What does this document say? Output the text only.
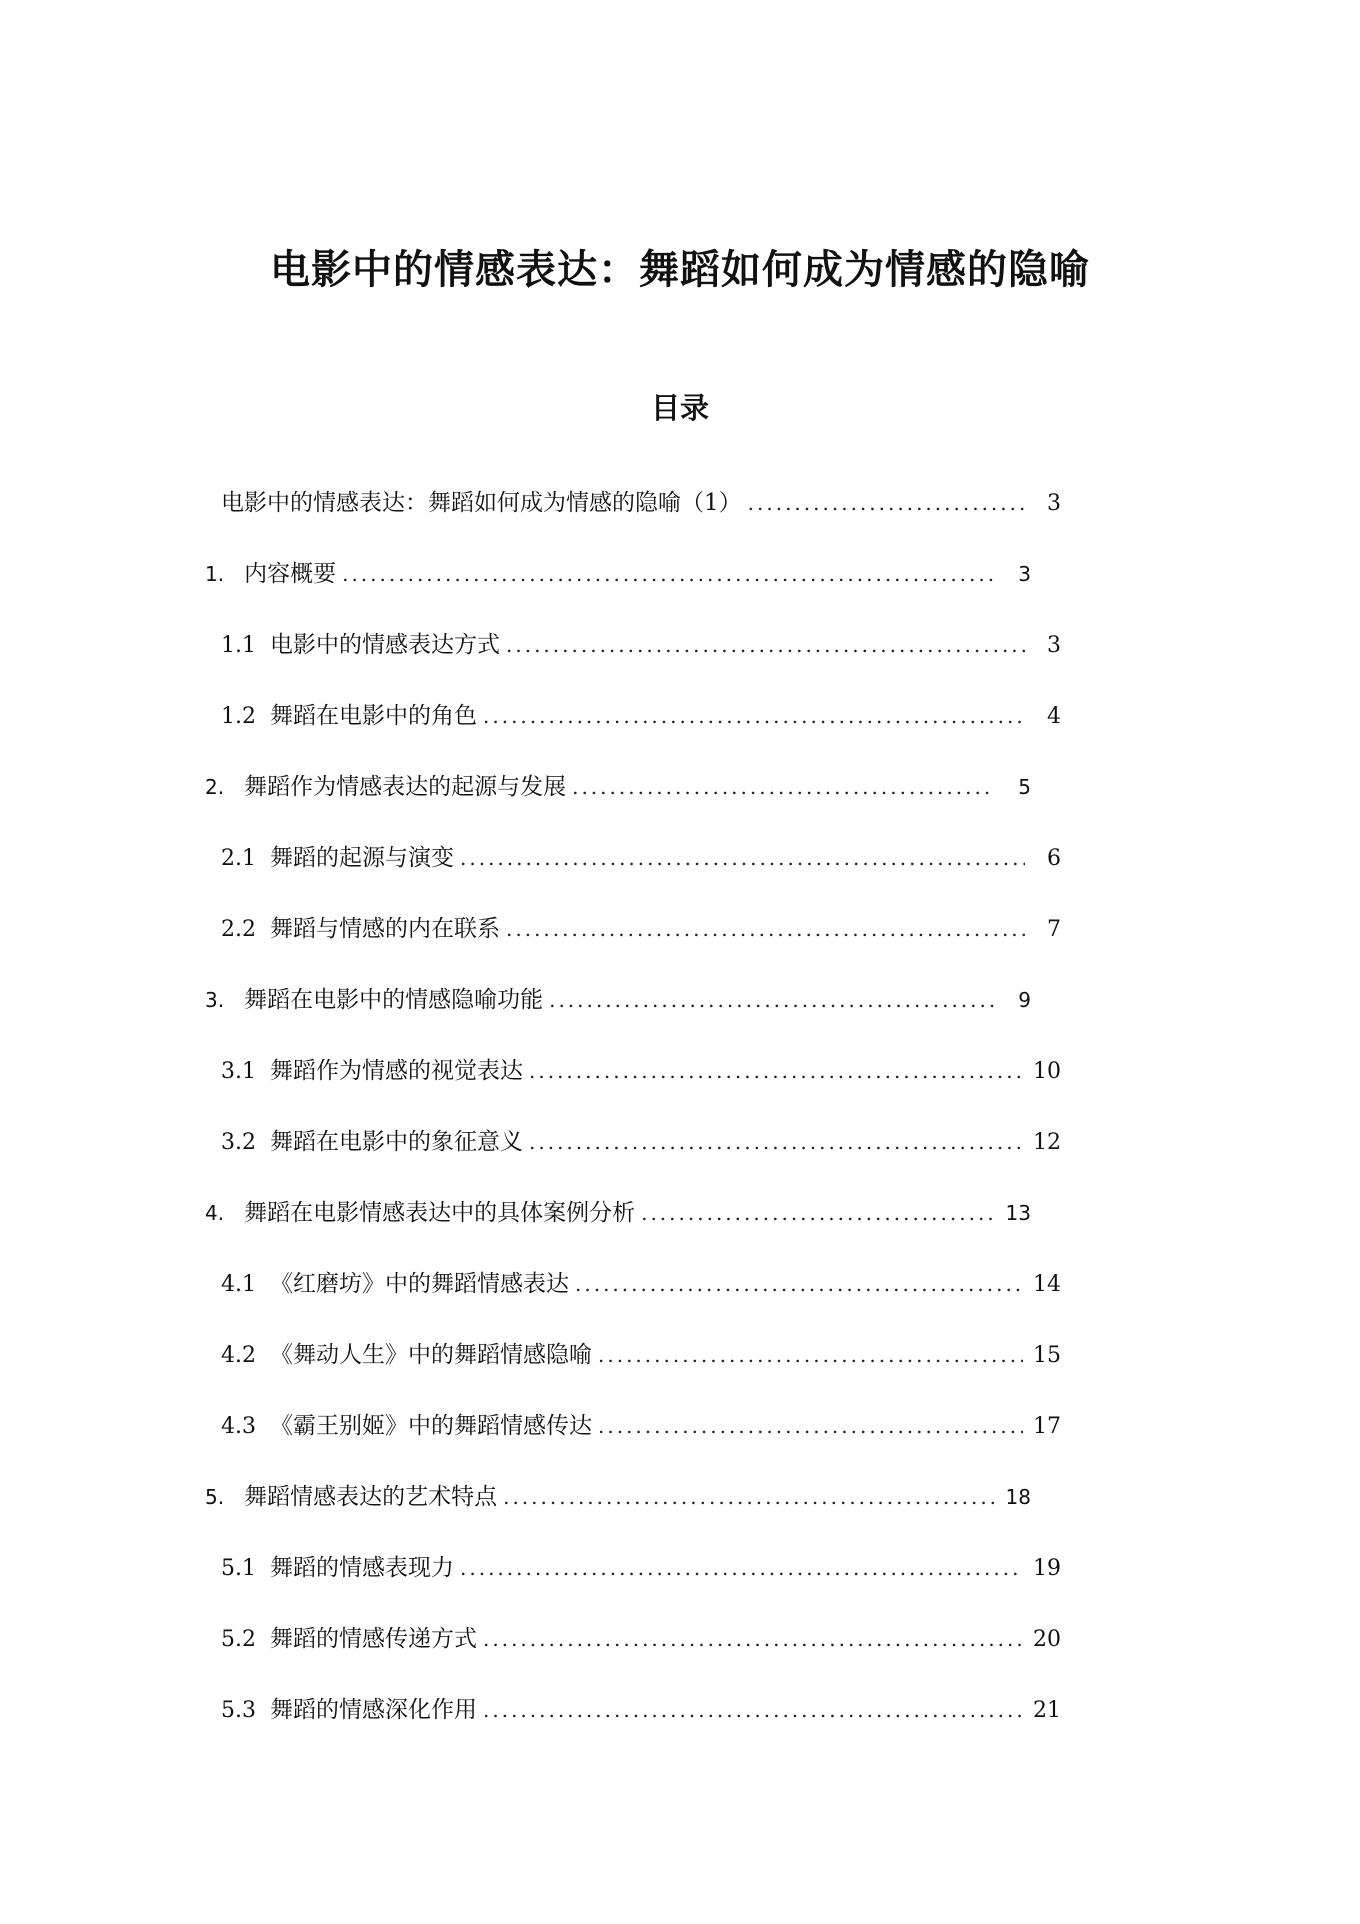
电影中的情感表达：舞蹈如何成为情感的隐喻
目录
电影中的情感表达：舞蹈如何成为情感的隐喻（1） .....	3
1. 内容概要 .....	3
1.1 电影中的情感表达方式 .....	3
1.2 舞蹈在电影中的角色 .....	4
2. 舞蹈作为情感表达的起源与发展 .....	5
2.1 舞蹈的起源与演变 .....	6
2.2 舞蹈与情感的内在联系 .....	7
3. 舞蹈在电影中的情感隐喻功能 .....	9
3.1 舞蹈作为情感的视觉表达 .....	10
3.2 舞蹈在电影中的象征意义 .....	12
4. 舞蹈在电影情感表达中的具体案例分析 .....	13
4.1 《红磨坊》中的舞蹈情感表达 .....	14
4.2 《舞动人生》中的舞蹈情感隐喻 .....	15
4.3 《霸王别姬》中的舞蹈情感传达 .....	17
5. 舞蹈情感表达的艺术特点 .....	18
5.1 舞蹈的情感表现力 .....	19
5.2 舞蹈的情感传递方式 .....	20
5.3 舞蹈的情感深化作用 .....	21
